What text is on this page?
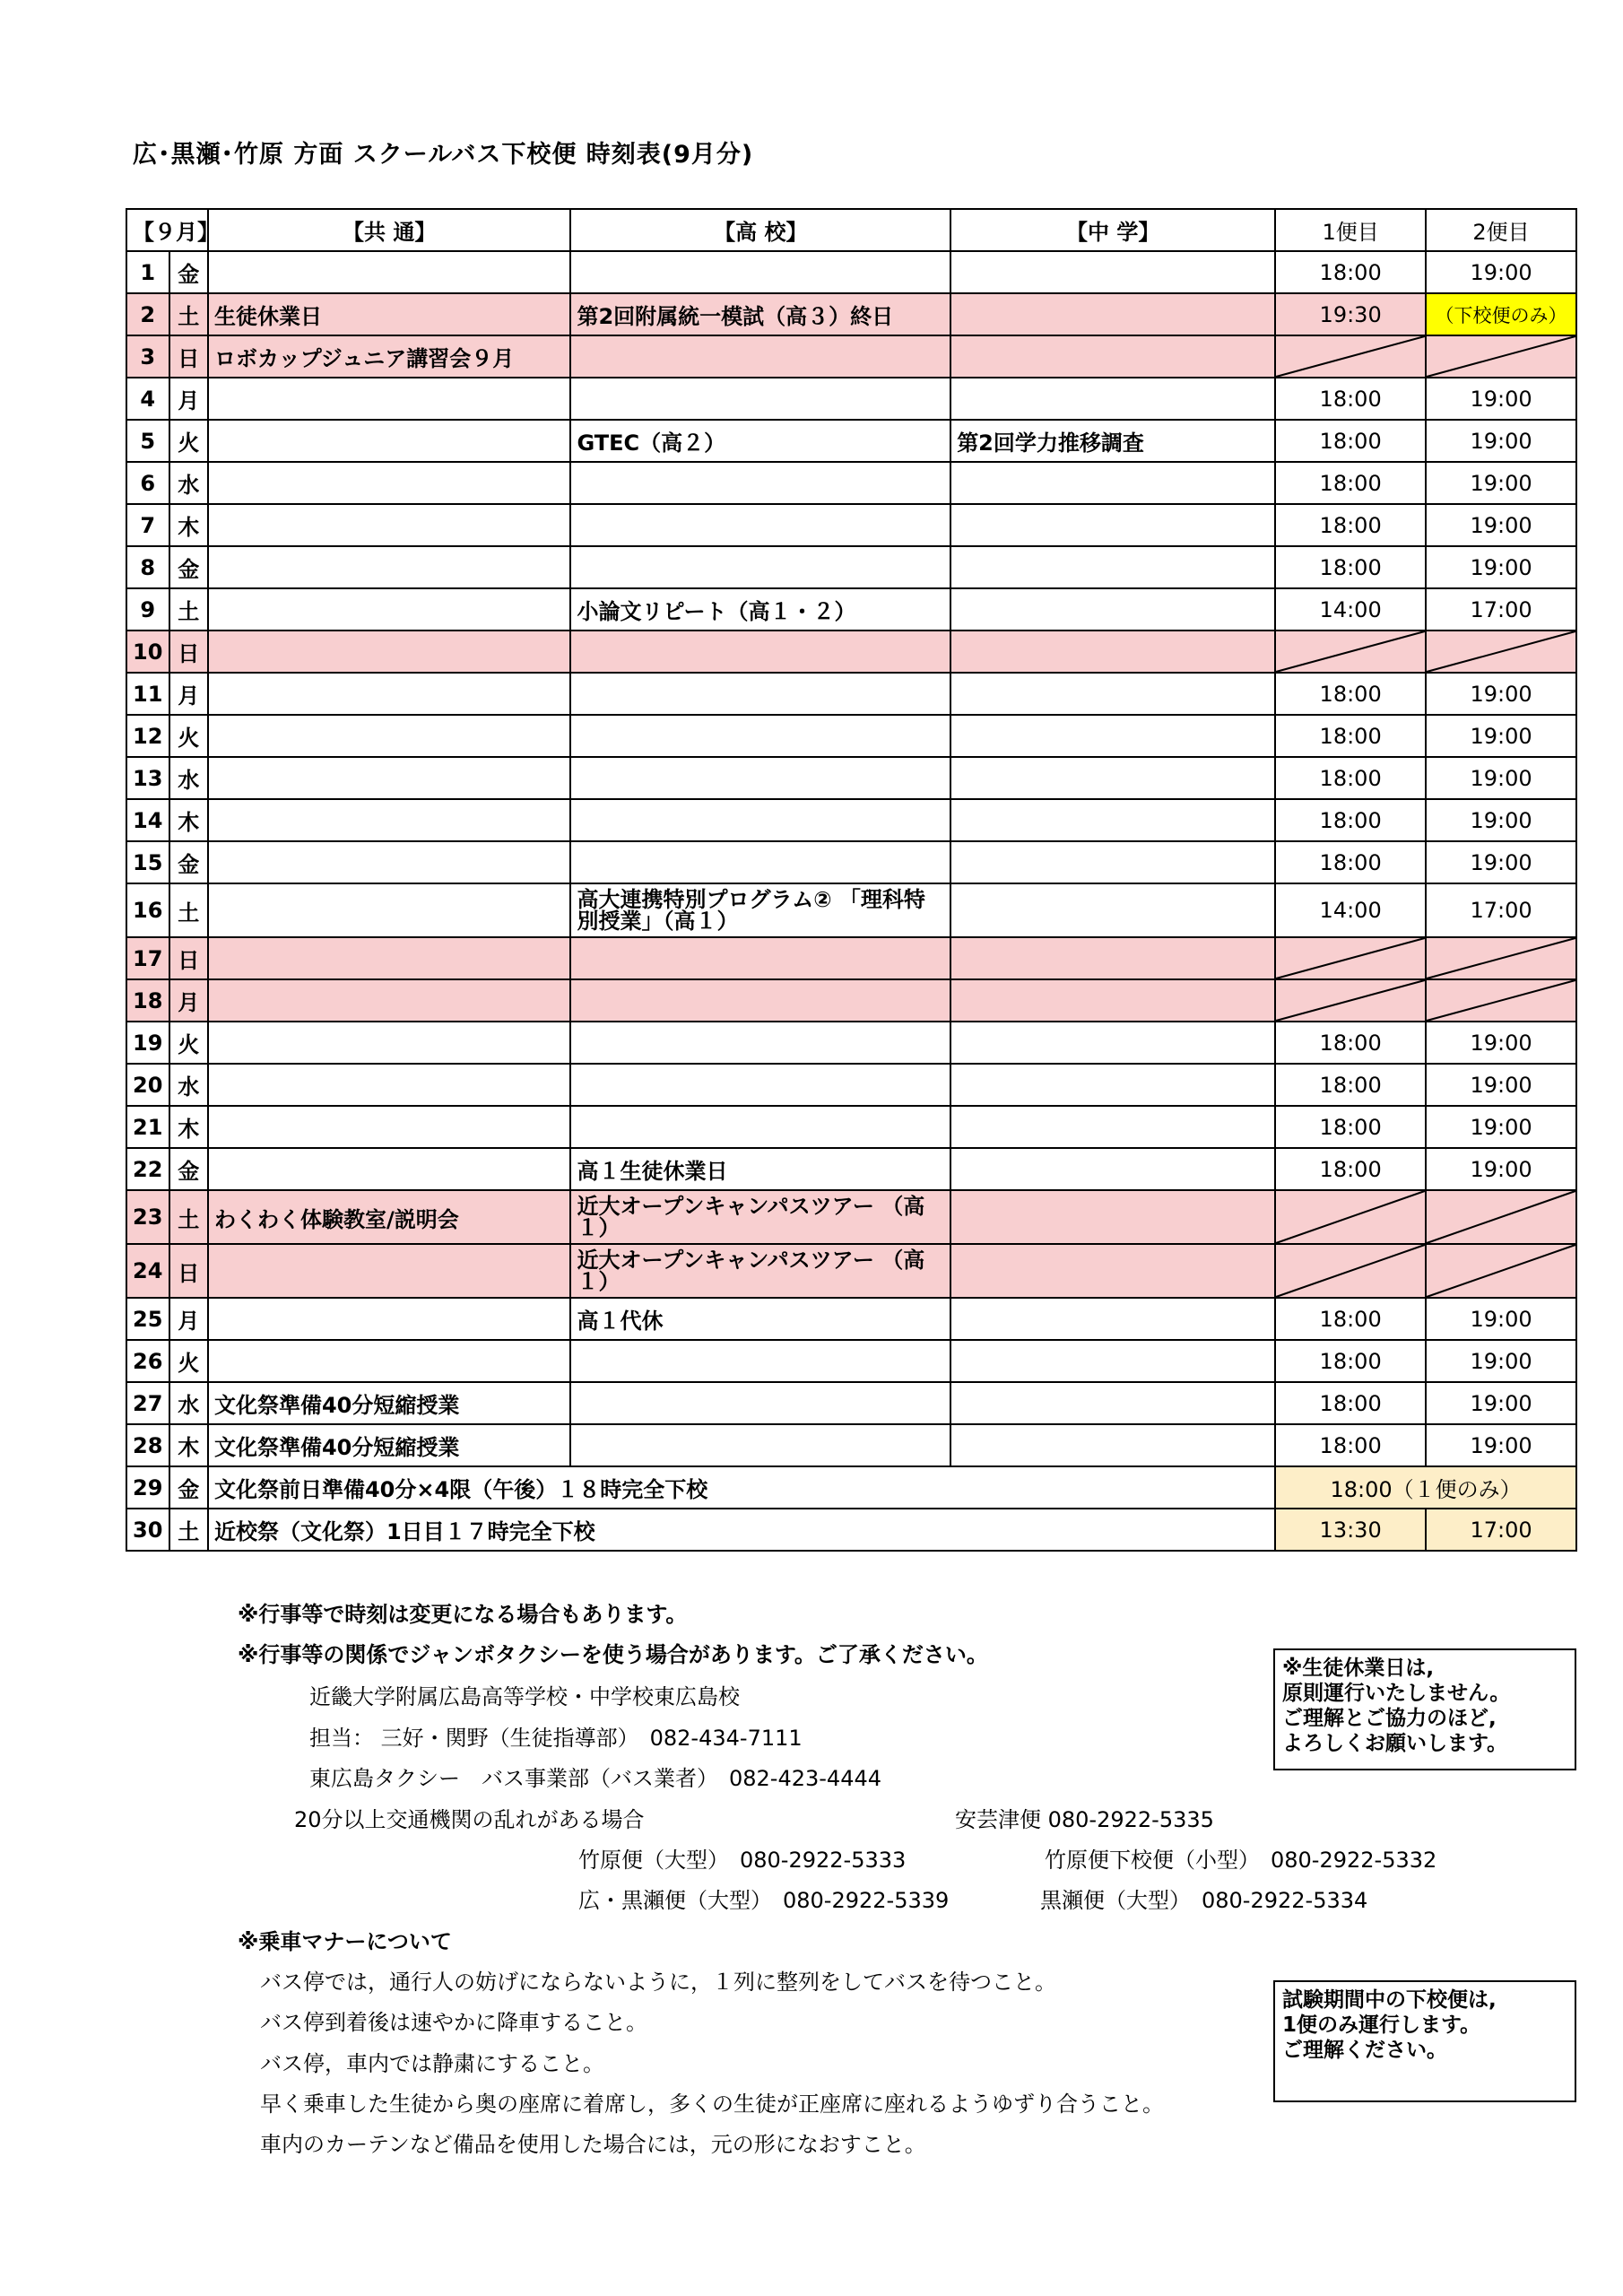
広･黒瀬･竹原 方面 スクールバス下校便 時刻表(9月分)
【９月】		【共 通】	【高 校】	【中 学】	1便目	2便目
1	金				18:00	19:00
2	土	生徒休業日	第2回附属統一模試（高３）終日		19:30	（下校便のみ）
3	日	ロボカップジュニア講習会９月			

4	月				18:00	19:00
5	火		GTEC（高２）	第2回学力推移調査	18:00	19:00
6	水				18:00	19:00
7	木				18:00	19:00
8	金				18:00	19:00
9	土		小論文リピート（高１・２）		14:00	17:00
10	日				

11	月				18:00	19:00
12	火				18:00	19:00
13	水				18:00	19:00
14	木				18:00	19:00
15	金				18:00	19:00
16	土		高大連携特別プログラム② 「理科特別授業」（高１）		14:00	17:00
17	日				

18	月				

19	火				18:00	19:00
20	水				18:00	19:00
21	木				18:00	19:00
22	金		高１生徒休業日		18:00	19:00
23	土	わくわく体験教室/説明会	近大オープンキャンパスツアー （高１）		

24	日		近大オープンキャンパスツアー （高１）		

25	月		高１代休		18:00	19:00
26	火				18:00	19:00
27	水	文化祭準備40分短縮授業			18:00	19:00
28	木	文化祭準備40分短縮授業			18:00	19:00
29	金	文化祭前日準備40分×4限（午後）１８時完全下校			18:00（１便のみ）	
30	土	近校祭（文化祭）1日目１７時完全下校			13:30	17:00
※行事等で時刻は変更になる場合もあります。
※行事等の関係でジャンボタクシーを使う場合があります。ご了承ください。
近畿大学附属広島高等学校・中学校東広島校
担当： 三好・関野（生徒指導部）　082-434-7111
東広島タクシー　バス事業部（バス業者）　082-423-4444
20分以上交通機関の乱れがある場合	安芸津便 080-2922-5335
竹原便（大型）　080-2922-5333	竹原便下校便（小型）　080-2922-5332
広・黒瀬便（大型）　080-2922-5339	黒瀬便（大型）　080-2922-5334
※乗車マナーについて
バス停では，通行人の妨げにならないように，１列に整列をしてバスを待つこと。
バス停到着後は速やかに降車すること。
バス停，車内では静粛にすること。
早く乗車した生徒から奥の座席に着席し，多くの生徒が正座席に座れるようゆずり合うこと。
車内のカーテンなど備品を使用した場合には，元の形になおすこと。
※生徒休業日は,
原則運行いたしません。
ご理解とご協力のほど,
よろしくお願いします。
試験期間中の下校便は,
1便のみ運行します。
ご理解ください。
